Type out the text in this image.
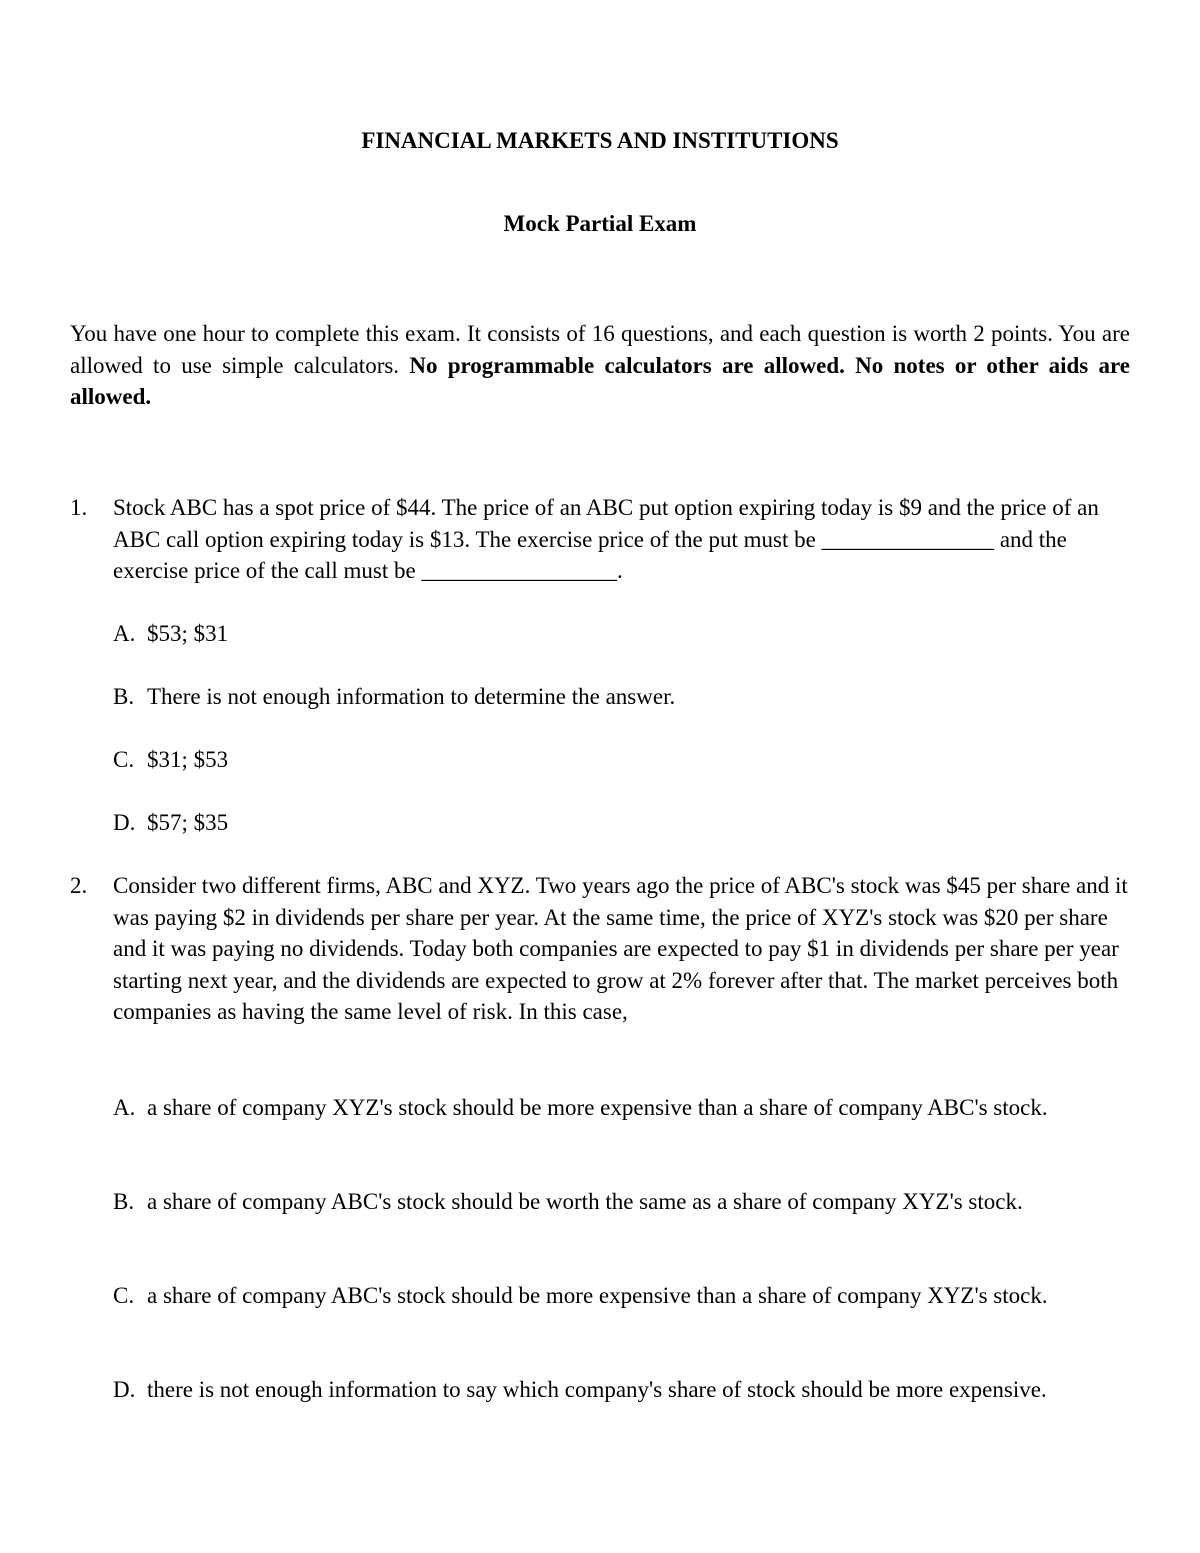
FINANCIAL MARKETS AND INSTITUTIONS
Mock Partial Exam
You have one hour to complete this exam. It consists of 16 questions, and each question is worth 2 points. You are allowed to use simple calculators. No programmable calculators are allowed. No notes or other aids are allowed.
1.	Stock ABC has a spot price of $44. The price of an ABC put option expiring today is $9 and the price of an ABC call option expiring today is $13. The exercise price of the put must be _______________ and the exercise price of the call must be _________________.
A. $53; $31
B. There is not enough information to determine the answer.
C. $31; $53
D. $57; $35
2.	Consider two different firms, ABC and XYZ. Two years ago the price of ABC's stock was $45 per share and it was paying $2 in dividends per share per year. At the same time, the price of XYZ's stock was $20 per share and it was paying no dividends. Today both companies are expected to pay $1 in dividends per share per year starting next year, and the dividends are expected to grow at 2% forever after that. The market perceives both companies as having the same level of risk. In this case,
A. a share of company XYZ's stock should be more expensive than a share of company ABC's stock.
B. a share of company ABC's stock should be worth the same as a share of company XYZ's stock.
C. a share of company ABC's stock should be more expensive than a share of company XYZ's stock.
D. there is not enough information to say which company's share of stock should be more expensive.
